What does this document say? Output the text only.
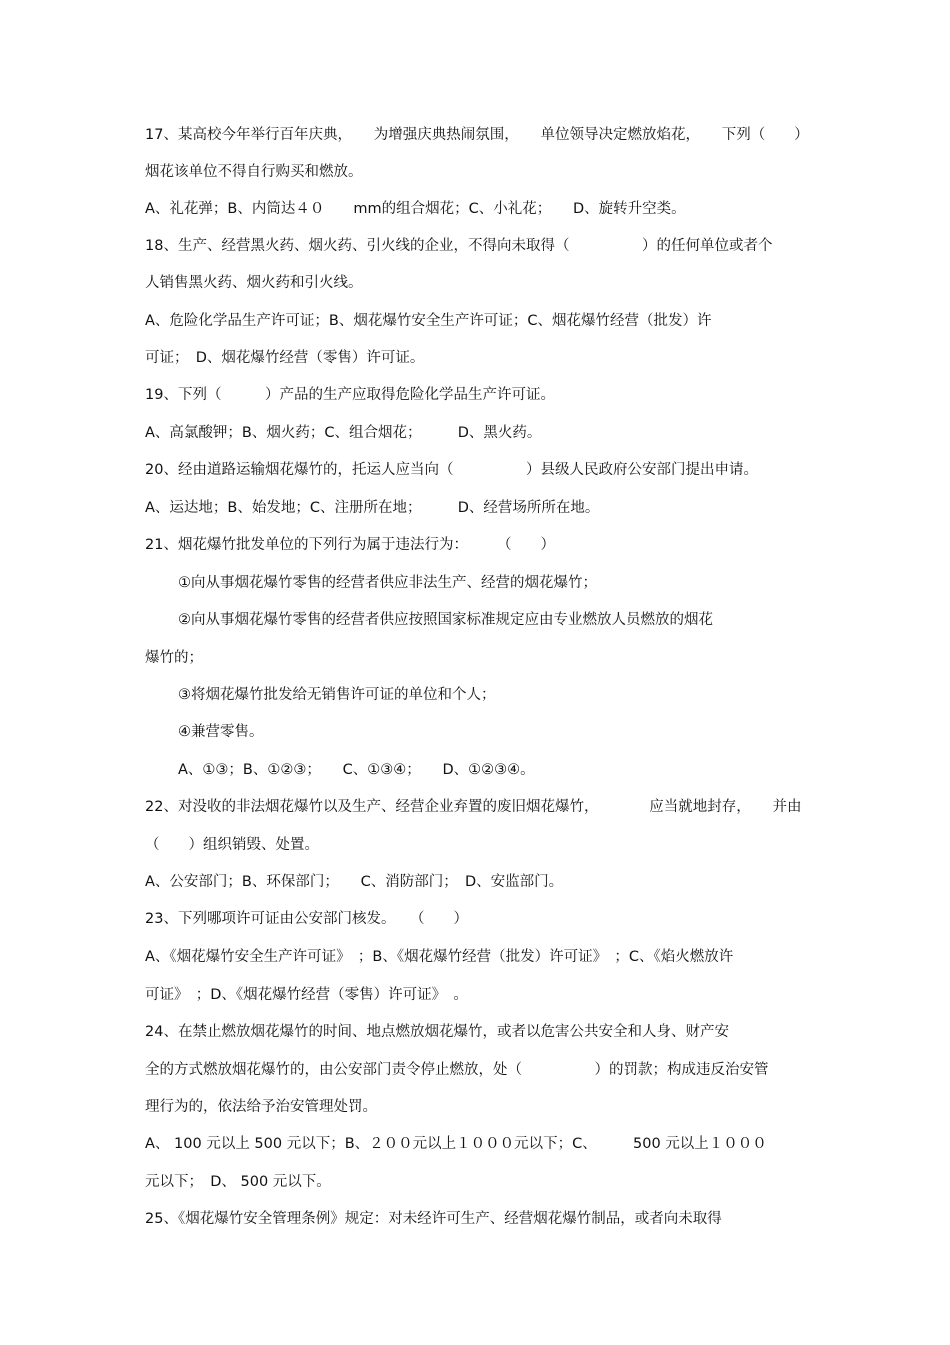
17、某高校今年举行百年庆典，　　为增强庆典热闹氛围，　　单位领导决定燃放焰花，　　下列（　　）
烟花该单位不得自行购买和燃放。
A、礼花弹；B、内筒达４０　　mm的组合烟花；C、小礼花；　　D、旋转升空类。
18、生产、经营黑火药、烟火药、引火线的企业，不得向未取得（　　　　　）的任何单位或者个
人销售黑火药、烟火药和引火线。
A、危险化学品生产许可证；B、烟花爆竹安全生产许可证；C、烟花爆竹经营（批发）许
可证；　D、烟花爆竹经营（零售）许可证。
19、下列（　　　）产品的生产应取得危险化学品生产许可证。
A、高氯酸钾；B、烟火药；C、组合烟花；　　　D、黑火药。
20、经由道路运输烟花爆竹的，托运人应当向（　　　　　）县级人民政府公安部门提出申请。
A、运达地；B、始发地；C、注册所在地；　　　D、经营场所所在地。
21、烟花爆竹批发单位的下列行为属于违法行为：　　　（　　）
①向从事烟花爆竹零售的经营者供应非法生产、经营的烟花爆竹；
②向从事烟花爆竹零售的经营者供应按照国家标准规定应由专业燃放人员燃放的烟花
爆竹的；
③将烟花爆竹批发给无销售许可证的单位和个人；
④兼营零售。
A、①③；B、①②③；　　C、①③④；　　D、①②③④。
22、对没收的非法烟花爆竹以及生产、经营企业弃置的废旧烟花爆竹，　　　　应当就地封存，　　并由
（　　）组织销毁、处置。
A、公安部门；B、环保部门；　　C、消防部门；　D、安监部门。
23、下列哪项许可证由公安部门核发。　　（　　）
A、《烟花爆竹安全生产许可证》　；B、《烟花爆竹经营（批发）许可证》　；C、《焰火燃放许
可证》　；D、《烟花爆竹经营（零售）许可证》　。
24、在禁止燃放烟花爆竹的时间、地点燃放烟花爆竹，或者以危害公共安全和人身、财产安
全的方式燃放烟花爆竹的，由公安部门责令停止燃放，处（　　　　　）的罚款；构成违反治安管
理行为的，依法给予治安管理处罚。
A、 100 元以上 500 元以下；B、２００元以上１０００元以下；C、　　　500 元以上１０００
元以下；　D、 500 元以下。
25、《烟花爆竹安全管理条例》规定：对未经许可生产、经营烟花爆竹制品，或者向未取得
